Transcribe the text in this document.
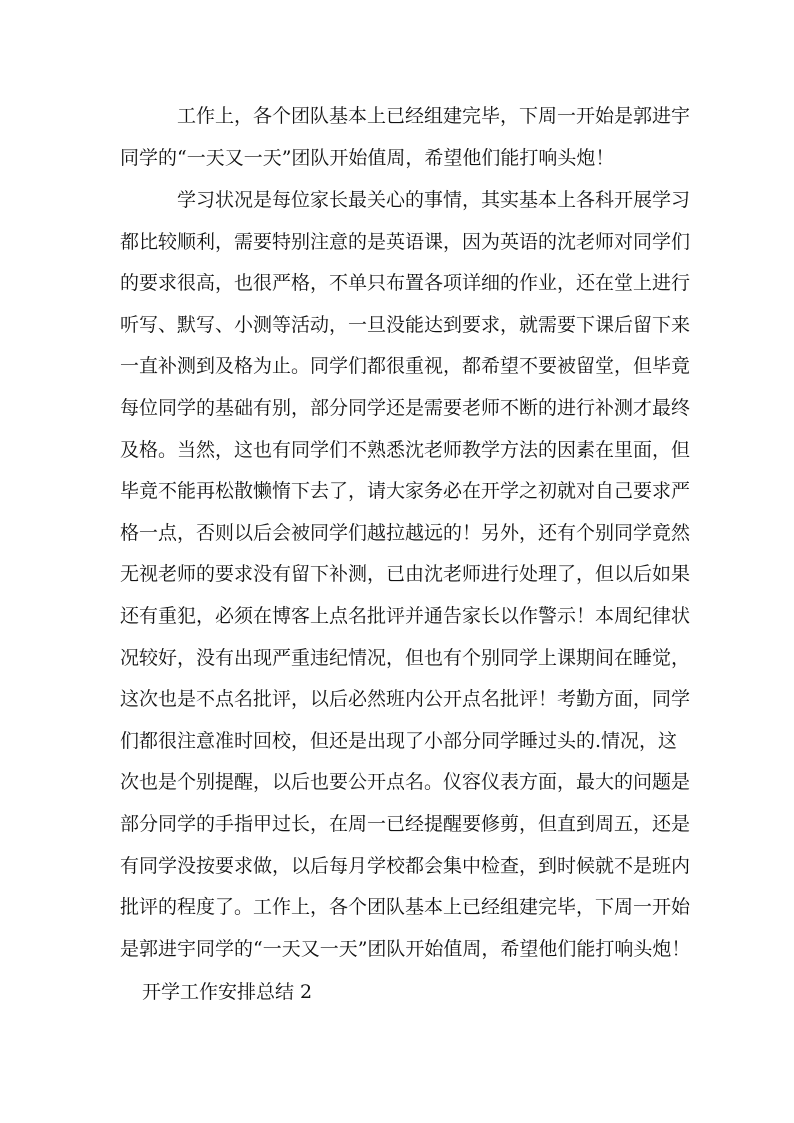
工作上，各个团队基本上已经组建完毕，下周一开始是郭进宇
同学的“一天又一天”团队开始值周，希望他们能打响头炮！
学习状况是每位家长最关心的事情，其实基本上各科开展学习
都比较顺利，需要特别注意的是英语课，因为英语的沈老师对同学们
的要求很高，也很严格，不单只布置各项详细的作业，还在堂上进行
听写、默写、小测等活动，一旦没能达到要求，就需要下课后留下来
一直补测到及格为止。同学们都很重视，都希望不要被留堂，但毕竟
每位同学的基础有别，部分同学还是需要老师不断的进行补测才最终
及格。当然，这也有同学们不熟悉沈老师教学方法的因素在里面，但
毕竟不能再松散懒惰下去了，请大家务必在开学之初就对自己要求严
格一点，否则以后会被同学们越拉越远的！另外，还有个别同学竟然
无视老师的要求没有留下补测，已由沈老师进行处理了，但以后如果
还有重犯，必须在博客上点名批评并通告家长以作警示！本周纪律状
况较好，没有出现严重违纪情况，但也有个别同学上课期间在睡觉，
这次也是不点名批评，以后必然班内公开点名批评！考勤方面，同学
们都很注意准时回校，但还是出现了小部分同学睡过头的.情况，这
次也是个别提醒，以后也要公开点名。仪容仪表方面，最大的问题是
部分同学的手指甲过长，在周一已经提醒要修剪，但直到周五，还是
有同学没按要求做，以后每月学校都会集中检查，到时候就不是班内
批评的程度了。工作上，各个团队基本上已经组建完毕，下周一开始
是郭进宇同学的“一天又一天”团队开始值周，希望他们能打响头炮！
开学工作安排总结 2
